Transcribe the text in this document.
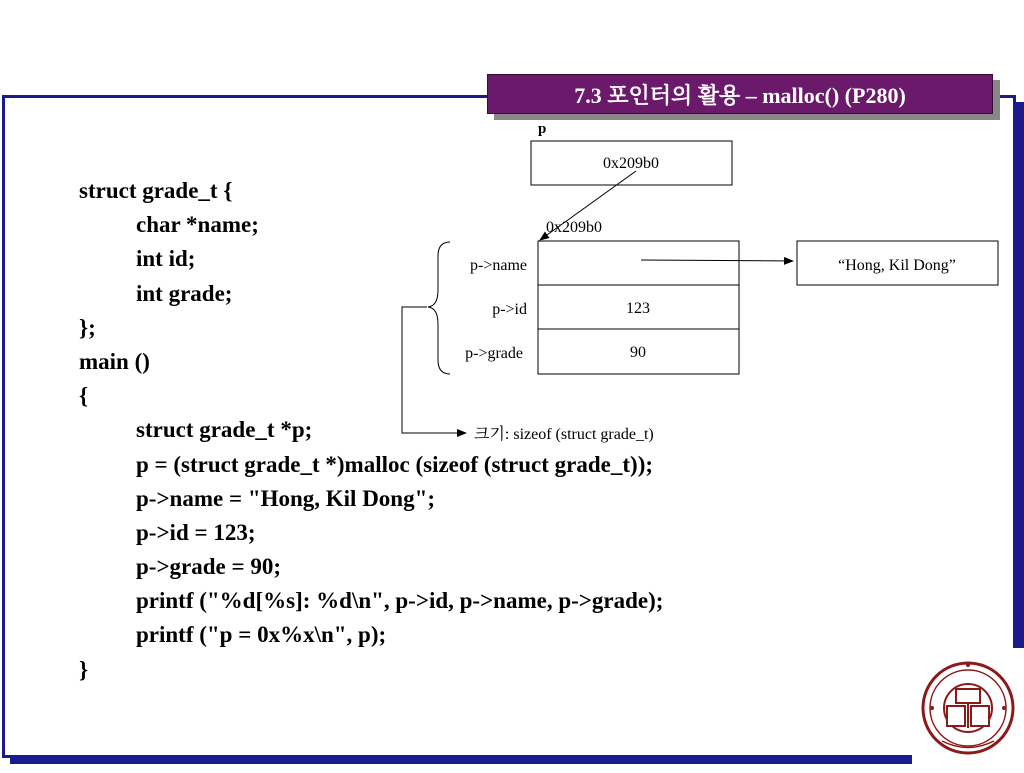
7.3 포인터의 활용 – malloc() (P280)
struct grade_t {
char *name;
int id;
int grade;
};
main ()
{
struct grade_t *p;
p = (struct grade_t *)malloc (sizeof (struct grade_t));
p->name = "Hong, Kil Dong";
p->id = 123;
p->grade = 90;
printf ("%d[%s]: %d\n", p->id, p->name, p->grade);
printf ("p = 0x%x\n", p);
}
p
0x209b0
0x209b0
123
90
p->name
p->id
p->grade
“Hong, Kil Dong”
크기: sizeof (struct grade_t)
